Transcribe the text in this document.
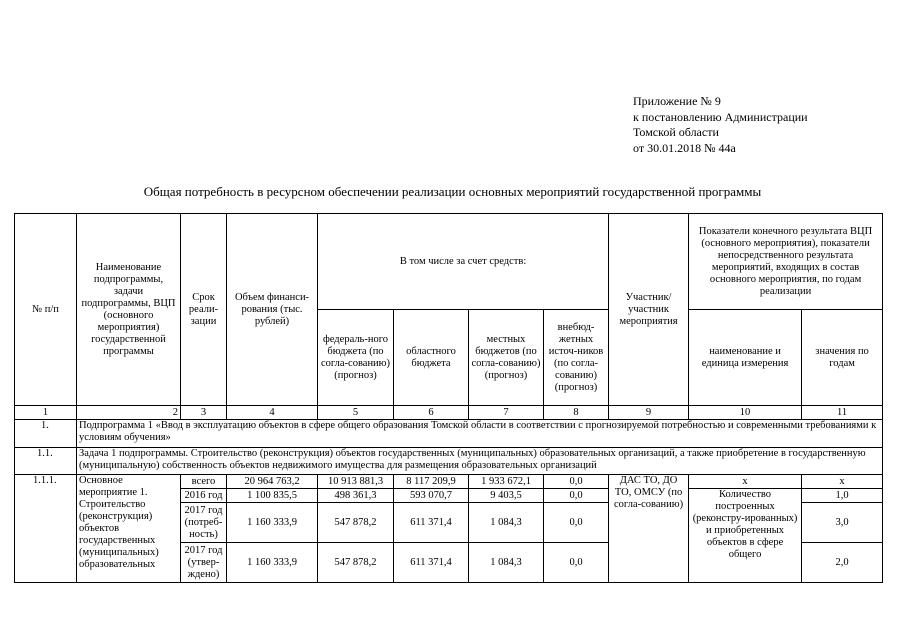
Приложение № 9
к постановлению Администрации
Томской области
от 30.01.2018 № 44а
Общая потребность в ресурсном обеспечении реализации основных мероприятий государственной программы
№ п/п	Наименование подпрограммы, задачи подпрограммы, ВЦП (основного мероприятия) государственной программы	Срок реали-зации	Объем финанси-рования (тыс. рублей)	В том числе за счет средств:				Участник/ участник мероприятия	Показатели конечного результата ВЦП (основного мероприятия), показатели непосредственного результата мероприятий, входящих в состав основного мероприятия, по годам реализации	
				федераль-ного бюджета (по согла-сованию) (прогноз)	областного бюджета	местных бюджетов (по согла-сованию) (прогноз)	внебюд-жетных источ-ников (по согла-сованию) (прогноз)		наименование и единица измерения	значения по годам
1	2	3	4	5	6	7	8	9	10	11
1.	Подпрограмма 1 «Ввод в эксплуатацию объектов в сфере общего образования Томской области в соответствии с прогнозируемой потребностью и современными требованиями к условиям обучения»									
1.1.	Задача 1 подпрограммы. Строительство (реконструкция) объектов государственных (муниципальных) образовательных организаций, а также приобретение в государственную (муниципальную) собственность объектов недвижимого имущества для размещения образовательных организаций									
1.1.1.	Основное мероприятие 1. Строительство (реконструкция) объектов государственных (муниципальных) образовательных	всего	20 964 763,2	10 913 881,3	8 117 209,9	1 933 672,1	0,0	ДАС ТО, ДО ТО, ОМСУ (по согла-сованию)	х	х
		2016 год	1 100 835,5	498 361,3	593 070,7	9 403,5	0,0		Количество построенных (реконстру-ированных) и приобретенных объектов в сфере общего	1,0
		2017 год (потреб-ность)	1 160 333,9	547 878,2	611 371,4	1 084,3	0,0			3,0
		2017 год (утвер-ждено)	1 160 333,9	547 878,2	611 371,4	1 084,3	0,0			2,0
